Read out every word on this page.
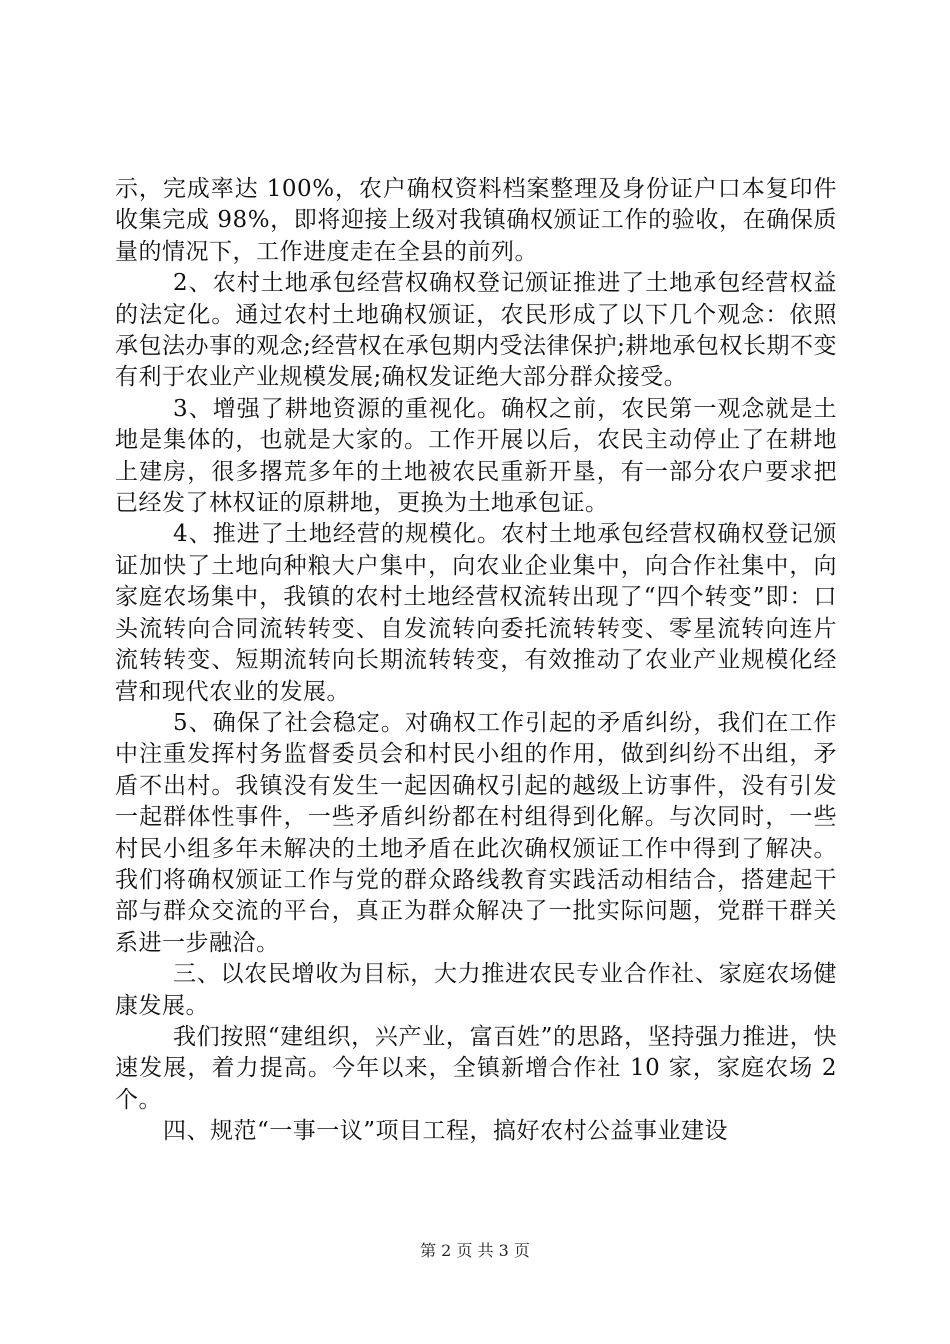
示，完成率达 100%，农户确权资料档案整理及身份证户口本复印件收集完成 98%，即将迎接上级对我镇确权颁证工作的验收，在确保质量的情况下，工作进度走在全县的前列。

2、农村土地承包经营权确权登记颁证推进了土地承包经营权益的法定化。通过农村土地确权颁证，农民形成了以下几个观念：依照承包法办事的观念;经营权在承包期内受法律保护;耕地承包权长期不变有利于农业产业规模发展;确权发证绝大部分群众接受。

3、增强了耕地资源的重视化。确权之前，农民第一观念就是土地是集体的，也就是大家的。工作开展以后，农民主动停止了在耕地上建房，很多撂荒多年的土地被农民重新开垦，有一部分农户要求把已经发了林权证的原耕地，更换为土地承包证。

4、推进了土地经营的规模化。农村土地承包经营权确权登记颁证加快了土地向种粮大户集中，向农业企业集中，向合作社集中，向家庭农场集中，我镇的农村土地经营权流转出现了“四个转变”即：口头流转向合同流转转变、自发流转向委托流转转变、零星流转向连片流转转变、短期流转向长期流转转变，有效推动了农业产业规模化经营和现代农业的发展。

5、确保了社会稳定。对确权工作引起的矛盾纠纷，我们在工作中注重发挥村务监督委员会和村民小组的作用，做到纠纷不出组，矛盾不出村。我镇没有发生一起因确权引起的越级上访事件，没有引发一起群体性事件，一些矛盾纠纷都在村组得到化解。与次同时，一些村民小组多年未解决的土地矛盾在此次确权颁证工作中得到了解决。我们将确权颁证工作与党的群众路线教育实践活动相结合，搭建起干部与群众交流的平台，真正为群众解决了一批实际问题，党群干群关系进一步融洽。

三、以农民增收为目标，大力推进农民专业合作社、家庭农场健康发展。

我们按照“建组织，兴产业，富百姓”的思路，坚持强力推进，快速发展，着力提高。今年以来，全镇新增合作社 10 家，家庭农场 2 个。

四、规范“一事一议”项目工程，搞好农村公益事业建设

第 2 页 共 3 页
